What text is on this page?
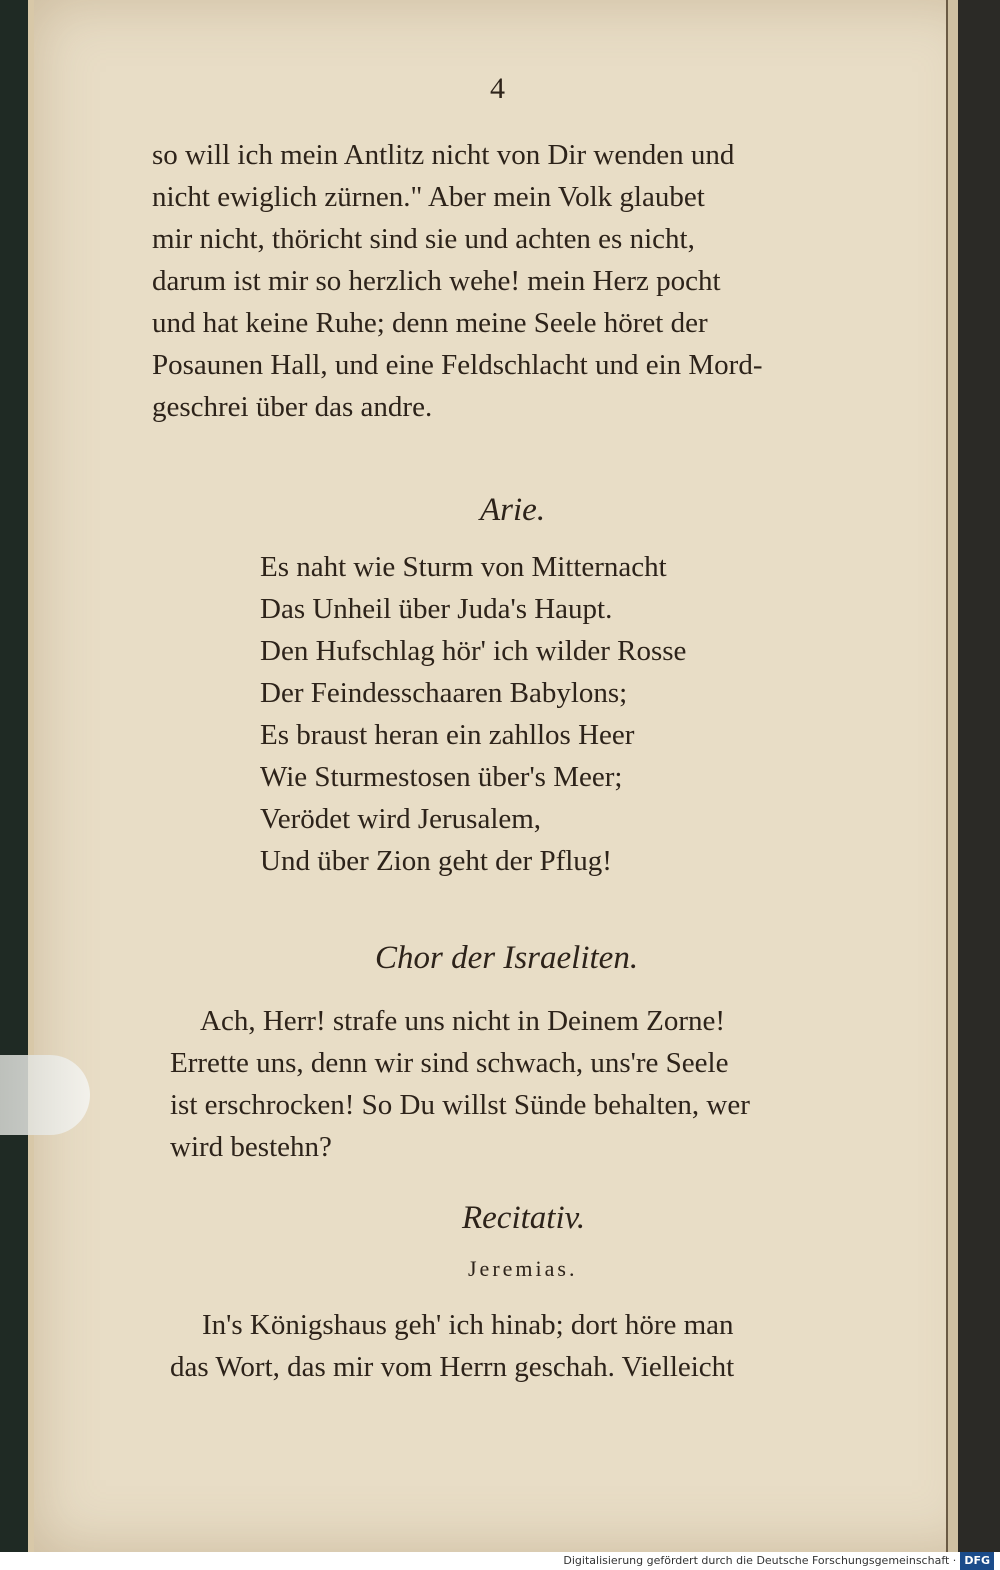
4
so will ich mein Antlitz nicht von Dir wenden und
nicht ewiglich zürnen." Aber mein Volk glaubet
mir nicht, thöricht sind sie und achten es nicht,
darum ist mir so herzlich wehe! mein Herz pocht
und hat keine Ruhe; denn meine Seele höret der
Posaunen Hall, und eine Feldschlacht und ein Mord-
geschrei über das andre.
Arie.
Es naht wie Sturm von Mitternacht
Das Unheil über Juda's Haupt.
Den Hufschlag hör' ich wilder Rosse
Der Feindesschaaren Babylons;
Es braust heran ein zahllos Heer
Wie Sturmestosen über's Meer;
Verödet wird Jerusalem,
Und über Zion geht der Pflug!
Chor der Israeliten.
Ach, Herr! strafe uns nicht in Deinem Zorne!
Errette uns, denn wir sind schwach, uns're Seele
ist erschrocken! So Du willst Sünde behalten, wer
wird bestehn?
Recitativ.
Jeremias.
In's Königshaus geh' ich hinab; dort höre man
das Wort, das mir vom Herrn geschah. Vielleicht
Digitalisierung gefördert durch die Deutsche Forschungsgemeinschaft · DFG
